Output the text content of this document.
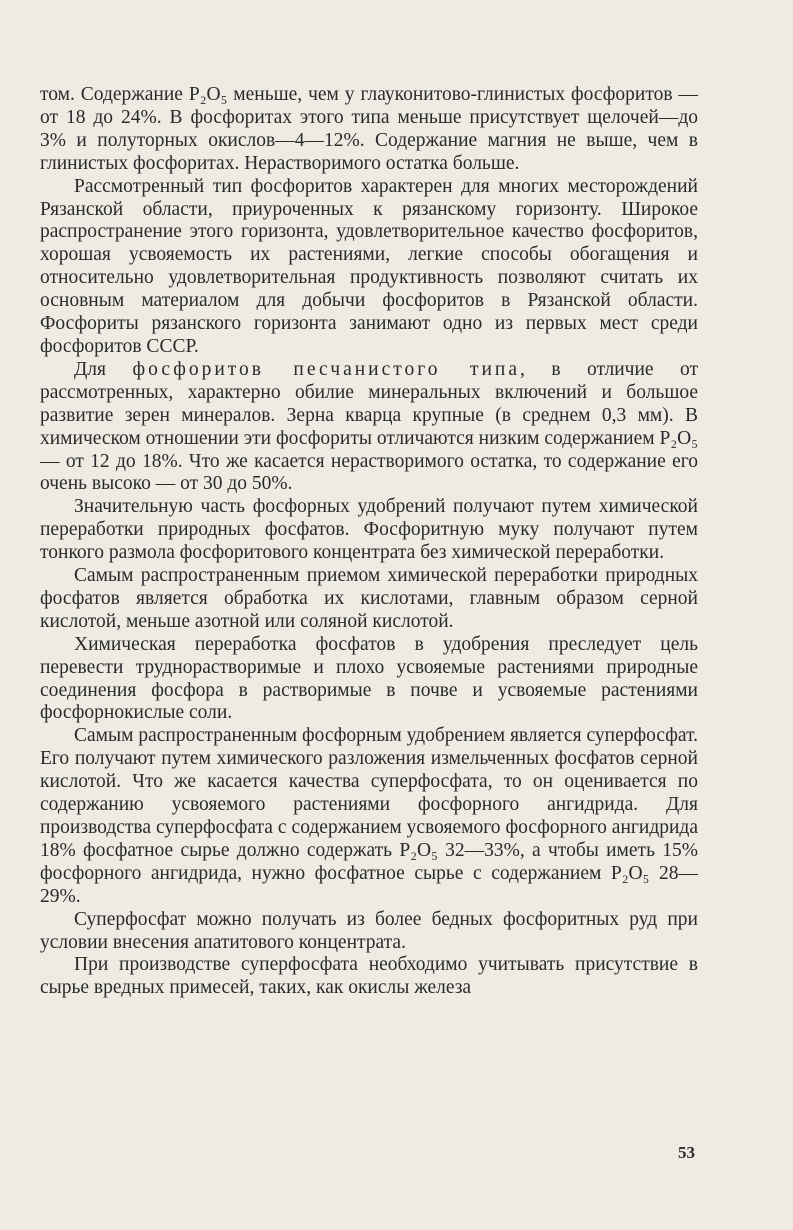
том. Содержание P₂O₅ меньше, чем у глауконитово-глинистых фосфоритов — от 18 до 24%. В фосфоритах этого типа меньше присутствует щелочей—до 3% и полуторных окислов—4—12%. Содержание магния не выше, чем в глинистых фосфоритах. Нерастворимого остатка больше.

Рассмотренный тип фосфоритов характерен для многих месторождений Рязанской области, приуроченных к рязанскому горизонту. Широкое распространение этого горизонта, удовлетворительное качество фосфоритов, хорошая усвояемость их растениями, легкие способы обогащения и относительно удовлетворительная продуктивность позволяют считать их основным материалом для добычи фосфоритов в Рязанской области. Фосфориты рязанского горизонта занимают одно из первых мест среди фосфоритов СССР.

Для фосфоритов песчанистого типа, в отличие от рассмотренных, характерно обилие минеральных включений и большое развитие зерен минералов. Зерна кварца крупные (в среднем 0,3 мм). В химическом отношении эти фосфориты отличаются низким содержанием P₂O₅— от 12 до 18%. Что же касается нерастворимого остатка, то содержание его очень высоко — от 30 до 50%.

Значительную часть фосфорных удобрений получают путем химической переработки природных фосфатов. Фосфоритную муку получают путем тонкого размола фосфоритового концентрата без химической переработки.

Самым распространенным приемом химической переработки природных фосфатов является обработка их кислотами, главным образом серной кислотой, меньше азотной или соляной кислотой.

Химическая переработка фосфатов в удобрения преследует цель перевести труднорастворимые и плохо усвояемые растениями природные соединения фосфора в растворимые в почве и усвояемые растениями фосфорнокислые соли.

Самым распространенным фосфорным удобрением является суперфосфат. Его получают путем химического разложения измельченных фосфатов серной кислотой. Что же касается качества суперфосфата, то он оценивается по содержанию усвояемого растениями фосфорного ангидрида. Для производства суперфосфата с содержанием усвояемого фосфорного ангидрида 18% фосфатное сырье должно содержать P₂O₅ 32—33%, а чтобы иметь 15% фосфорного ангидрида, нужно фосфатное сырье с содержанием P₂O₅ 28—29%.

Суперфосфат можно получать из более бедных фосфоритных руд при условии внесения апатитового концентрата.

При производстве суперфосфата необходимо учитывать присутствие в сырье вредных примесей, таких, как окислы железа

53
